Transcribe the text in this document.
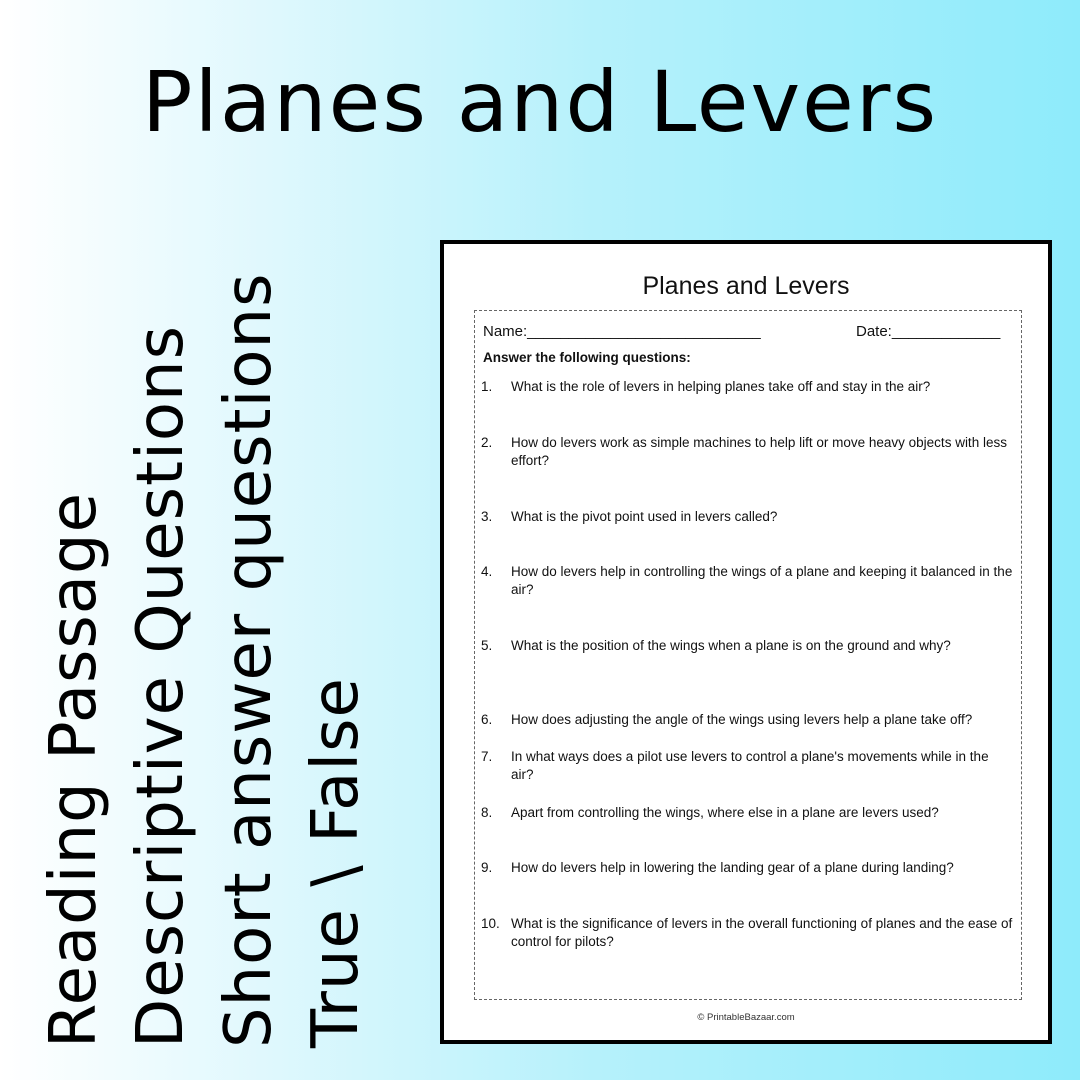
Planes and Levers
Reading Passage Descriptive Questions Short answer questions True \ False
Planes and Levers
Name:____________________________	Date:_____________
Answer the following questions:
1. What is the role of levers in helping planes take off and stay in the air?
2. How do levers work as simple machines to help lift or move heavy objects with less effort?
3. What is the pivot point used in levers called?
4. How do levers help in controlling the wings of a plane and keeping it balanced in the air?
5. What is the position of the wings when a plane is on the ground and why?
6. How does adjusting the angle of the wings using levers help a plane take off?
7. In what ways does a pilot use levers to control a plane's movements while in the air?
8. Apart from controlling the wings, where else in a plane are levers used?
9. How do levers help in lowering the landing gear of a plane during landing?
10. What is the significance of levers in the overall functioning of planes and the ease of control for pilots?
© PrintableBazaar.com
